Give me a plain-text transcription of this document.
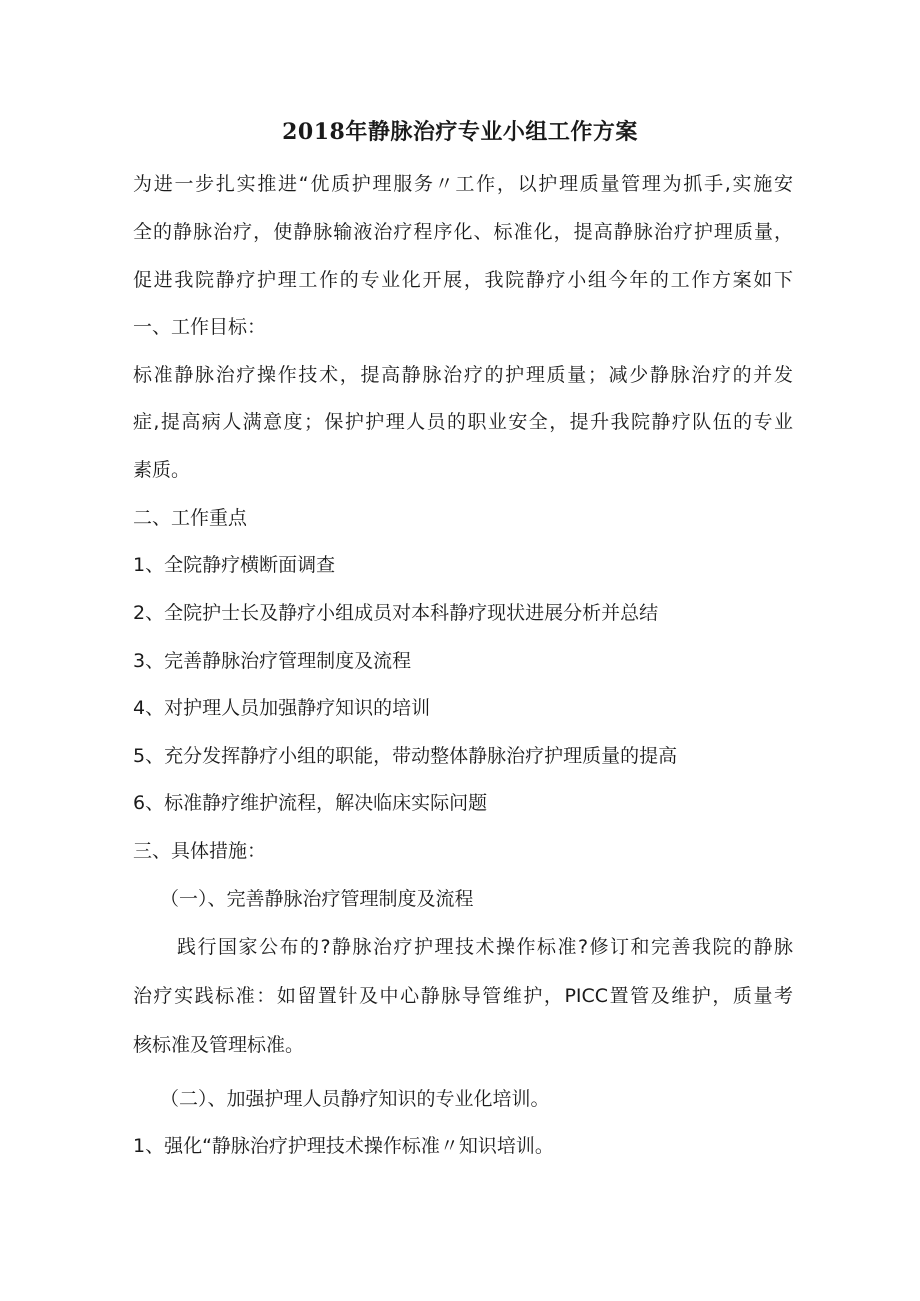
2018年静脉治疗专业小组工作方案
为进一步扎实推进“优质护理服务〃工作，以护理质量管理为抓手,实施安
全的静脉治疗，使静脉输液治疗程序化、标准化，提高静脉治疗护理质量，
促进我院静疗护理工作的专业化开展，我院静疗小组今年的工作方案如下
一、工作目标：
标准静脉治疗操作技术，提高静脉治疗的护理质量；减少静脉治疗的并发
症,提高病人满意度；保护护理人员的职业安全，提升我院静疗队伍的专业
素质。
二、工作重点
1、全院静疗横断面调查
2、全院护士长及静疗小组成员对本科静疗现状进展分析并总结
3、完善静脉治疗管理制度及流程
4、对护理人员加强静疗知识的培训
5、充分发挥静疗小组的职能，带动整体静脉治疗护理质量的提高
6、标准静疗维护流程，解决临床实际问题
三、具体措施：
（一）、完善静脉治疗管理制度及流程
践行国家公布的?静脉治疗护理技术操作标准?修订和完善我院的静脉
治疗实践标准：如留置针及中心静脉导管维护，PICC置管及维护，质量考
核标准及管理标准。
（二）、加强护理人员静疗知识的专业化培训。
1、强化“静脉治疗护理技术操作标准〃知识培训。
